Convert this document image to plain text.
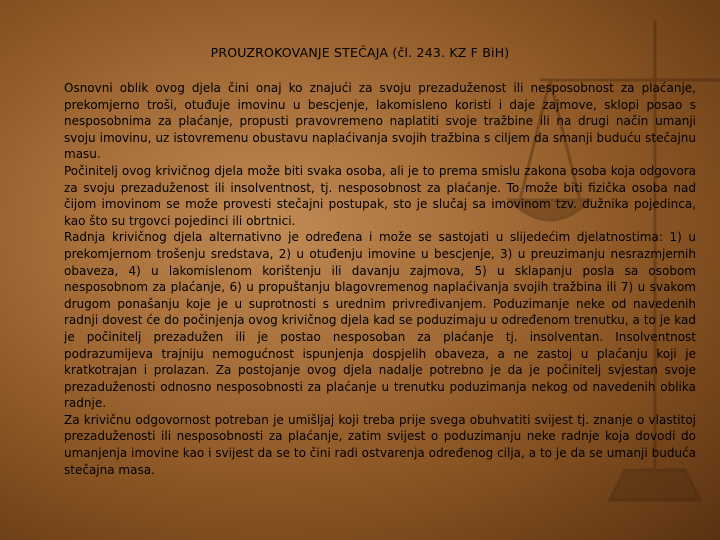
PROUZROKOVANJE STEČAJA (čl. 243. KZ F BiH)

Osnovni oblik ovog djela čini onaj ko znajući za svoju prezaduženost ili nesposobnost za plaćanje, prekomjerno troši, otuđuje imovinu u bescjenje, lakomisleno koristi i daje zajmove, sklopi posao s nesposobnima za plaćanje, propusti pravovremeno naplatiti svoje tražbine ili na drugi način umanji svoju imovinu, uz istovremenu obustavu naplaćivanja svojih tražbina s ciljem da smanji buduću stečajnu masu.

Počinitelj ovog krivičnog djela može biti svaka osoba, ali je to prema smislu zakona osoba koja odgovora za svoju prezaduženost ili insolventnost, tj. nesposobnost za plaćanje. To može biti fizička osoba nad čijom imovinom se može provesti stečajni postupak, sto je slučaj sa imovinom tzv. dužnika pojedinca, kao što su trgovci pojedinci ili obrtnici.

Radnja krivičnog djela alternativno je određena i može se sastojati u slijedećim djelatnostima: 1) u prekomjernom trošenju sredstava, 2) u otuđenju imovine u bescjenje, 3) u preuzimanju nesrazmjernih obaveza, 4) u lakomislenom korištenju ili davanju zajmova, 5) u sklapanju posla sa osobom nesposobnom za plaćanje, 6) u propuštanju blagovremenog naplaćivanja svojih tražbina ili 7) u svakom drugom ponašanju koje je u suprotnosti s urednim privređivanjem. Poduzimanje neke od navedenih radnji dovest će do počinjenja ovog krivičnog djela kad se poduzimaju u određenom trenutku, a to je kad je počinitelj prezadužen ili je postao nesposoban za plaćanje tj. insolventan. Insolventnost podrazumijeva trajniju nemogućnost ispunjenja dospjelih obaveza, a ne zastoj u plaćanju koji je kratkotrajan i prolazan. Za postojanje ovog djela nadalje potrebno je da je počinitelj svjestan svoje prezaduženosti odnosno nesposobnosti za plaćanje u trenutku poduzimanja nekog od navedenih oblika radnje.

Za krivičnu odgovornost potreban je umišljaj koji treba prije svega obuhvatiti svijest tj. znanje o vlastitoj prezaduženosti ili nesposobnosti za plaćanje, zatim svijest o poduzimanju neke radnje koja dovodi do umanjenja imovine kao i svijest da se to čini radi ostvarenja određenog cilja, a to je da se umanji buduća stečajna masa.
